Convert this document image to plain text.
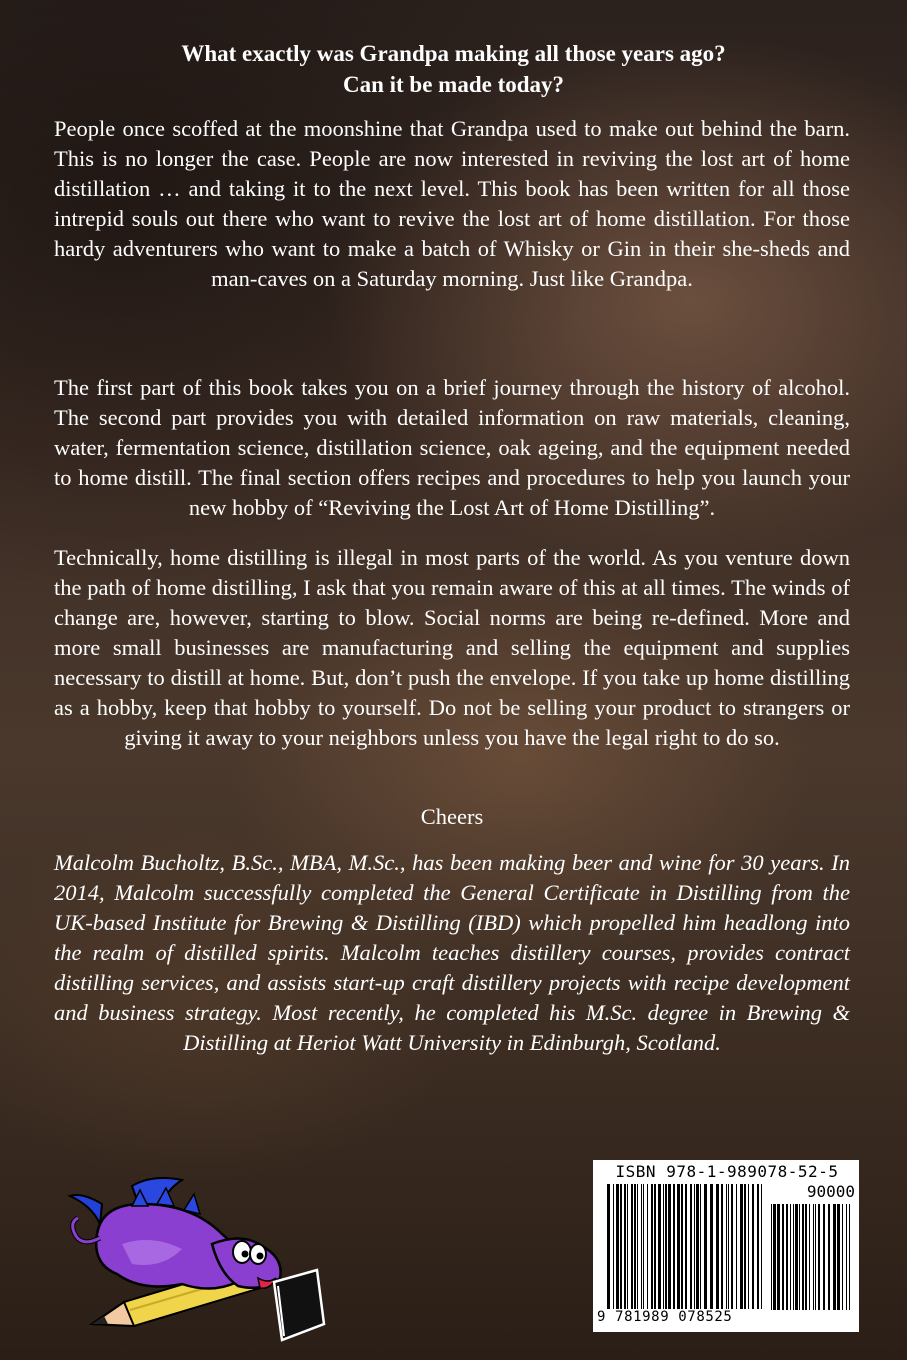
What exactly was Grandpa making all those years ago?
Can it be made today?

People once scoffed at the moonshine that Grandpa used to make out behind the barn. This is no longer the case. People are now interested in reviving the lost art of home distillation … and taking it to the next level. This book has been written for all those intrepid souls out there who want to revive the lost art of home distillation. For those hardy adventurers who want to make a batch of Whisky or Gin in their she-sheds and man-caves on a Saturday morning. Just like Grandpa.

The first part of this book takes you on a brief journey through the history of alcohol. The second part provides you with detailed information on raw materials, cleaning, water, fermentation science, distillation science, oak ageing, and the equipment needed to home distill. The final section offers recipes and procedures to help you launch your new hobby of “Reviving the Lost Art of Home Distilling”.

Technically, home distilling is illegal in most parts of the world. As you venture down the path of home distilling, I ask that you remain aware of this at all times. The winds of change are, however, starting to blow. Social norms are being re-defined. More and more small businesses are manufacturing and selling the equipment and supplies necessary to distill at home. But, don’t push the envelope. If you take up home distilling as a hobby, keep that hobby to yourself. Do not be selling your product to strangers or giving it away to your neighbors unless you have the legal right to do so.

Cheers

Malcolm Bucholtz, B.Sc., MBA, M.Sc., has been making beer and wine for 30 years. In 2014, Malcolm successfully completed the General Certificate in Distilling from the UK-based Institute for Brewing & Distilling (IBD) which propelled him headlong into the realm of distilled spirits. Malcolm teaches distillery courses, provides contract distilling services, and assists start-up craft distillery projects with recipe development and business strategy. Most recently, he completed his M.Sc. degree in Brewing & Distilling at Heriot Watt University in Edinburgh, Scotland.

ISBN 978-1-989078-52-5
90000
9 781989 078525
